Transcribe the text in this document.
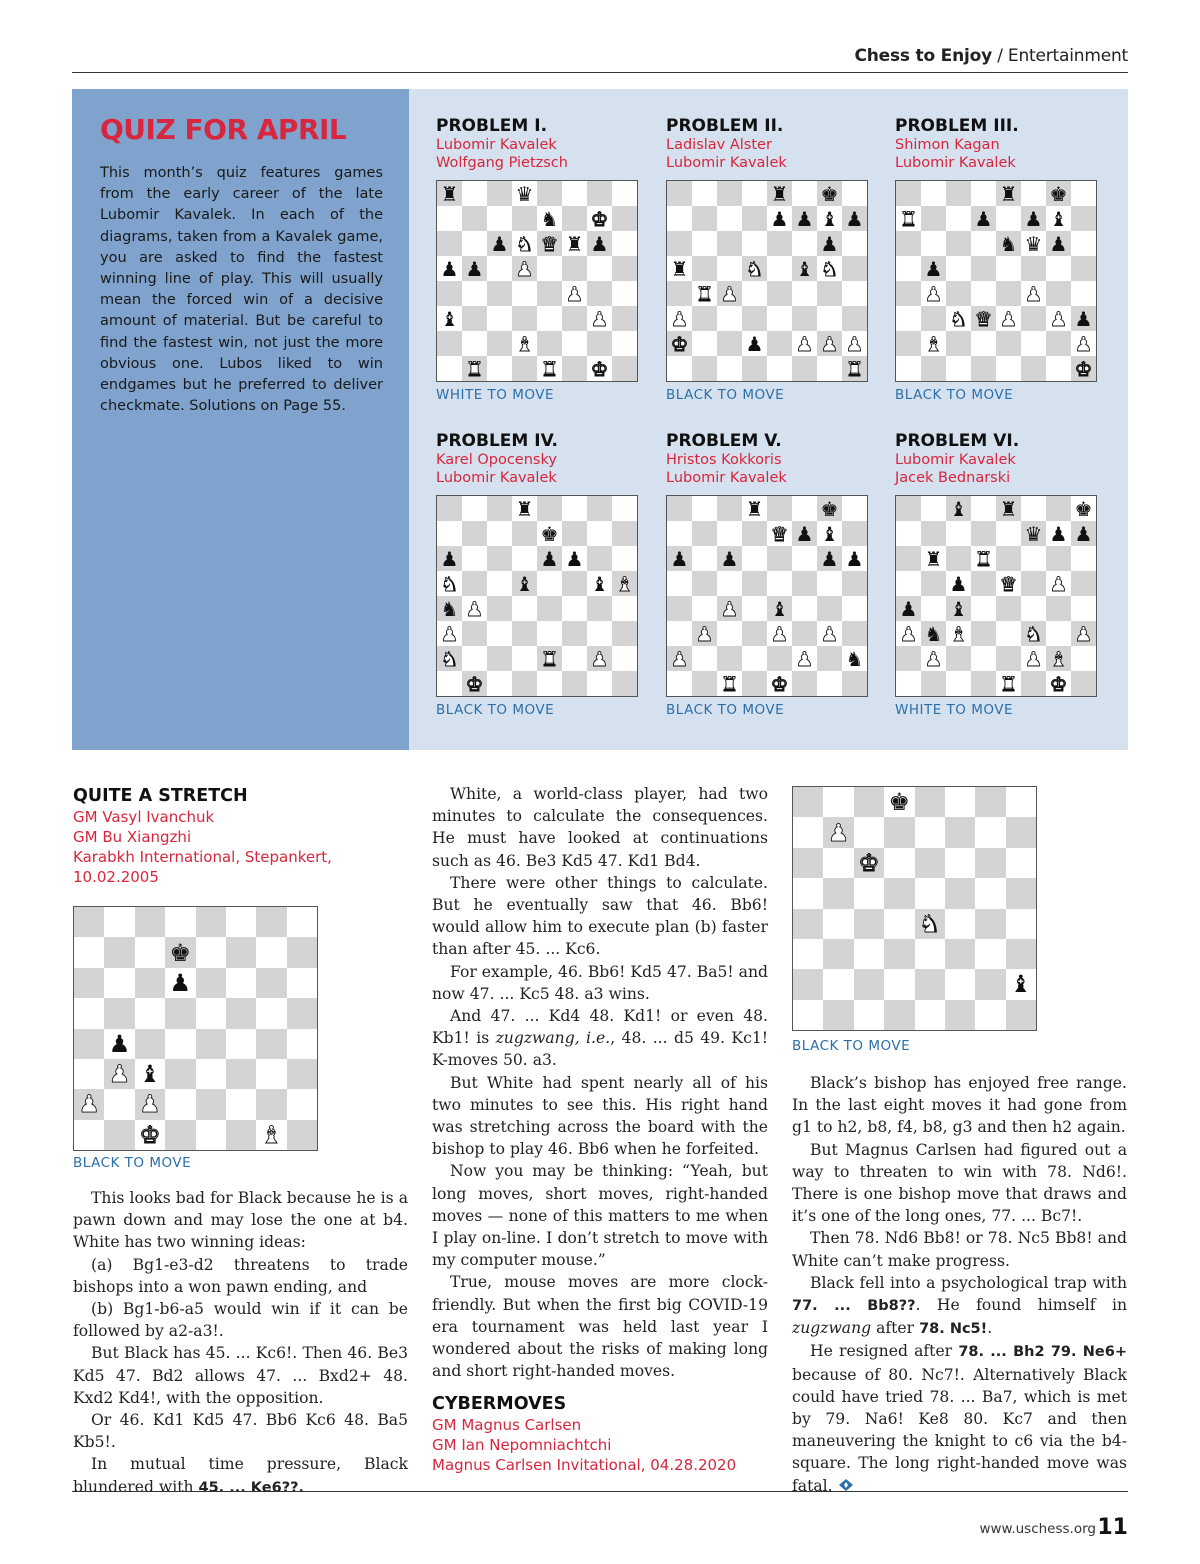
Chess to Enjoy / Entertainment
QUIZ FOR APRIL
This month’s quiz features games from the early career of the late Lubomir Kavalek. In each of the diagrams, taken from a Kavalek game, you are asked to find the fastest winning line of play. This will usually mean the forced win of a decisive amount of material. But be careful to find the fastest win, not just the more obvious one. Lubos liked to win endgames but he preferred to deliver checkmate. Solutions on Page 55.
PROBLEM I.
Lubomir Kavalek
Wolfgang Pietzsch
PROBLEM II.
Ladislav Alster
Lubomir Kavalek
PROBLEM III.
Shimon Kagan
Lubomir Kavalek
PROBLEM IV.
Karel Opocensky
Lubomir Kavalek
PROBLEM V.
Hristos Kokkoris
Lubomir Kavalek
PROBLEM VI.
Lubomir Kavalek
Jacek Bednarski
♜	♛
♞ ♚
♟ ♞ ♛ ♜ ♟
♟ ♟ ♟
♟
♝	♟
♝
♜	♜ ♚
♜ ♚
♟ ♟ ♝ ♟
♟
♜	♞ ♝ ♞
♜ ♟
♟
♚	♟ ♟ ♟ ♟
♜
♜ ♚
♜	♟ ♟ ♝
♞ ♛ ♟
♟
♟	♟
♞ ♛ ♟ ♟ ♟
♝	♟
♚
♜
♚
♟	♟ ♟
♞	♝	♝ ♝
♞ ♟
♟
♞	♜ ♟
♚
♜	♚
♛ ♟ ♝
♟ ♟	♟ ♟
♟ ♝
♟	♟ ♟
♟	♟ ♞
♜ ♚
♝ ♜	♚
♛ ♟ ♟
♜ ♜
♟ ♛ ♟
♟ ♝
♟ ♞ ♝	♞ ♟
♟	♟ ♝
♜ ♚
WHITE TO MOVE	BLACK TO MOVE	BLACK TO MOVE
BLACK TO MOVE	BLACK TO MOVE	WHITE TO MOVE
QUITE A STRETCH
GM Vasyl Ivanchuk
GM Bu Xiangzhi
Karabkh International, Stepankert,
10.02.2005
♚
♟
♟
♟ ♝
♟ ♟
♚	♝
BLACK TO MOVE

This looks bad for Black because he is a pawn down and may lose the one at b4. White has two winning ideas:

(a) Bg1-e3-d2 threatens to trade bishops into a won pawn ending, and

(b) Bg1-b6-a5 would win if it can be followed by a2-a3!.

But Black has 45. ... Kc6!. Then 46. Be3 Kd5 47. Bd2 allows 47. ... Bxd2+ 48. Kxd2 Kd4!, with the opposition.

Or 46. Kd1 Kd5 47. Bb6 Kc6 48. Ba5 Kb5!.

In mutual time pressure, Black blundered with 45. ... Ke6??.

White, a world-class player, had two minutes to calculate the consequences. He must have looked at continuations such as 46. Be3 Kd5 47. Kd1 Bd4.

There were other things to calculate. But he eventually saw that 46. Bb6! would allow him to execute plan (b) faster than after 45. ... Kc6.

For example, 46. Bb6! Kd5 47. Ba5! and now 47. ... Kc5 48. a3 wins.

And 47. ... Kd4 48. Kd1! or even 48. Kb1! is zugzwang, i.e., 48. ... d5 49. Kc1! K-moves 50. a3.

But White had spent nearly all of his two minutes to see this. His right hand was stretching across the board with the bishop to play 46. Bb6 when he forfeited.

Now you may be thinking: “Yeah, but long moves, short moves, right-handed moves — none of this matters to me when I play on-line. I don’t stretch to move with my computer mouse.”

True, mouse moves are more clock-friendly. But when the first big COVID-19 era tournament was held last year I wondered about the risks of making long and short right-handed moves.

CYBERMOVES
GM Magnus Carlsen
GM Ian Nepomniachtchi
Magnus Carlsen Invitational, 04.28.2020
♚
♟
♚
♞
♝
BLACK TO MOVE

Black’s bishop has enjoyed free range. In the last eight moves it had gone from g1 to h2, b8, f4, b8, g3 and then h2 again.

But Magnus Carlsen had figured out a way to threaten to win with 78. Nd6!. There is one bishop move that draws and it’s one of the long ones, 77. ... Bc7!.

Then 78. Nd6 Bb8! or 78. Nc5 Bb8! and White can’t make progress.

Black fell into a psychological trap with 77. ... Bb8??. He found himself in zugzwang after 78. Nc5!.

He resigned after 78. ... Bh2 79. Ne6+ because of 80. Nc7!. Alternatively Black could have tried 78. ... Ba7, which is met by 79. Na6! Ke8 80. Kc7 and then maneuvering the knight to c6 via the b4-square. The long right-handed move was fatal.

www.uschess.org 11
